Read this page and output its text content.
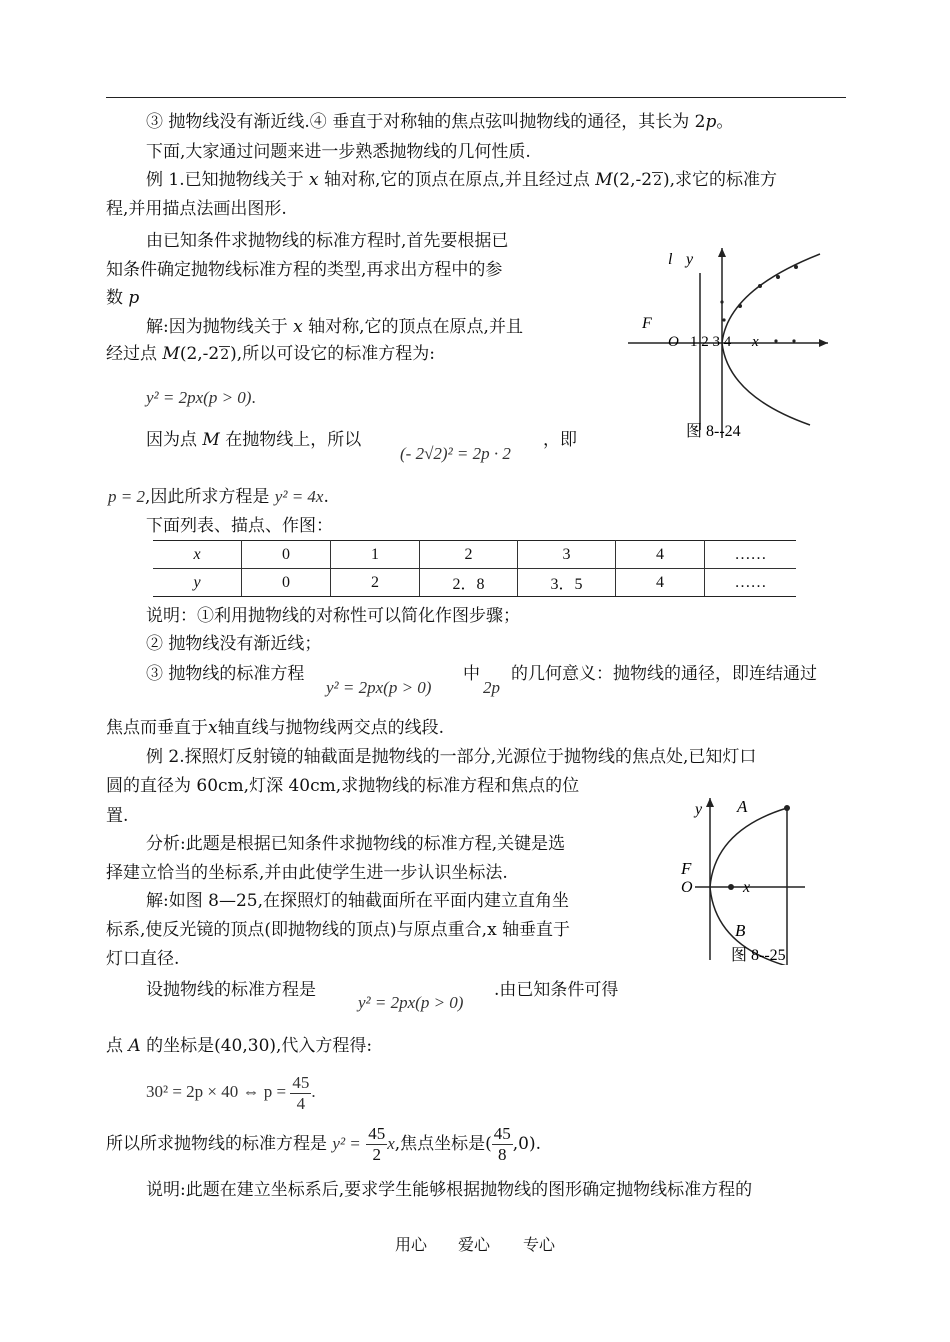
③ 抛物线没有渐近线.④ 垂直于对称轴的焦点弦叫抛物线的通径，其长为 2p。
下面,大家通过问题来进一步熟悉抛物线的几何性质.
例 1.已知抛物线关于 x 轴对称,它的顶点在原点,并且经过点 M(2,-22),求它的标准方
程,并用描点法画出图形.
由已知条件求抛物线的标准方程时,首先要根据已
知条件确定抛物线标准方程的类型,再求出方程中的参
数 p
解:因为抛物线关于 x 轴对称,它的顶点在原点,并且
经过点 M(2,-22),所以可设它的标准方程为:
y² = 2px(p > 0).
因为点 M 在抛物线上，所以
(- 2√2)² = 2p · 2
，即
p = 2,因此所求方程是 y² = 4x.
下面列表、描点、作图：
x	0	1	2	3	4	……
y	0	2	2．8	3．5	4	……
说明：①利用抛物线的对称性可以简化作图步骤；
② 抛物线没有渐近线；
③ 抛物线的标准方程
y² = 2px(p > 0)
中
2p
的几何意义：抛物线的通径，即连结通过
焦点而垂直于x轴直线与抛物线两交点的线段.
例 2.探照灯反射镜的轴截面是抛物线的一部分,光源位于抛物线的焦点处,已知灯口
圆的直径为 60cm,灯深 40cm,求抛物线的标准方程和焦点的位
置.
分析:此题是根据已知条件求抛物线的标准方程,关键是选
择建立恰当的坐标系,并由此使学生进一步认识坐标法.
解:如图 8—25,在探照灯的轴截面所在平面内建立直角坐
标系,使反光镜的顶点(即抛物线的顶点)与原点重合,x 轴垂直于
灯口直径.
设抛物线的标准方程是
y² = 2px(p > 0)
.由已知条件可得
点 A 的坐标是(40,30),代入方程得:
30² = 2p × 40 ⇔ $p = \frac{45}{4}$ .
所以所求抛物线的标准方程是 $y^2 = \frac{45}{2} x$,焦点坐标是( $\frac{45}{8} ,0$).
说明:此题在建立坐标系后,要求学生能够根据抛物线的图形确定抛物线标准方程的
l y
F
O 1 2 3 4 x
图 8--24
y A
F
O	x
B
图 8--25
用心 爱心 专心
